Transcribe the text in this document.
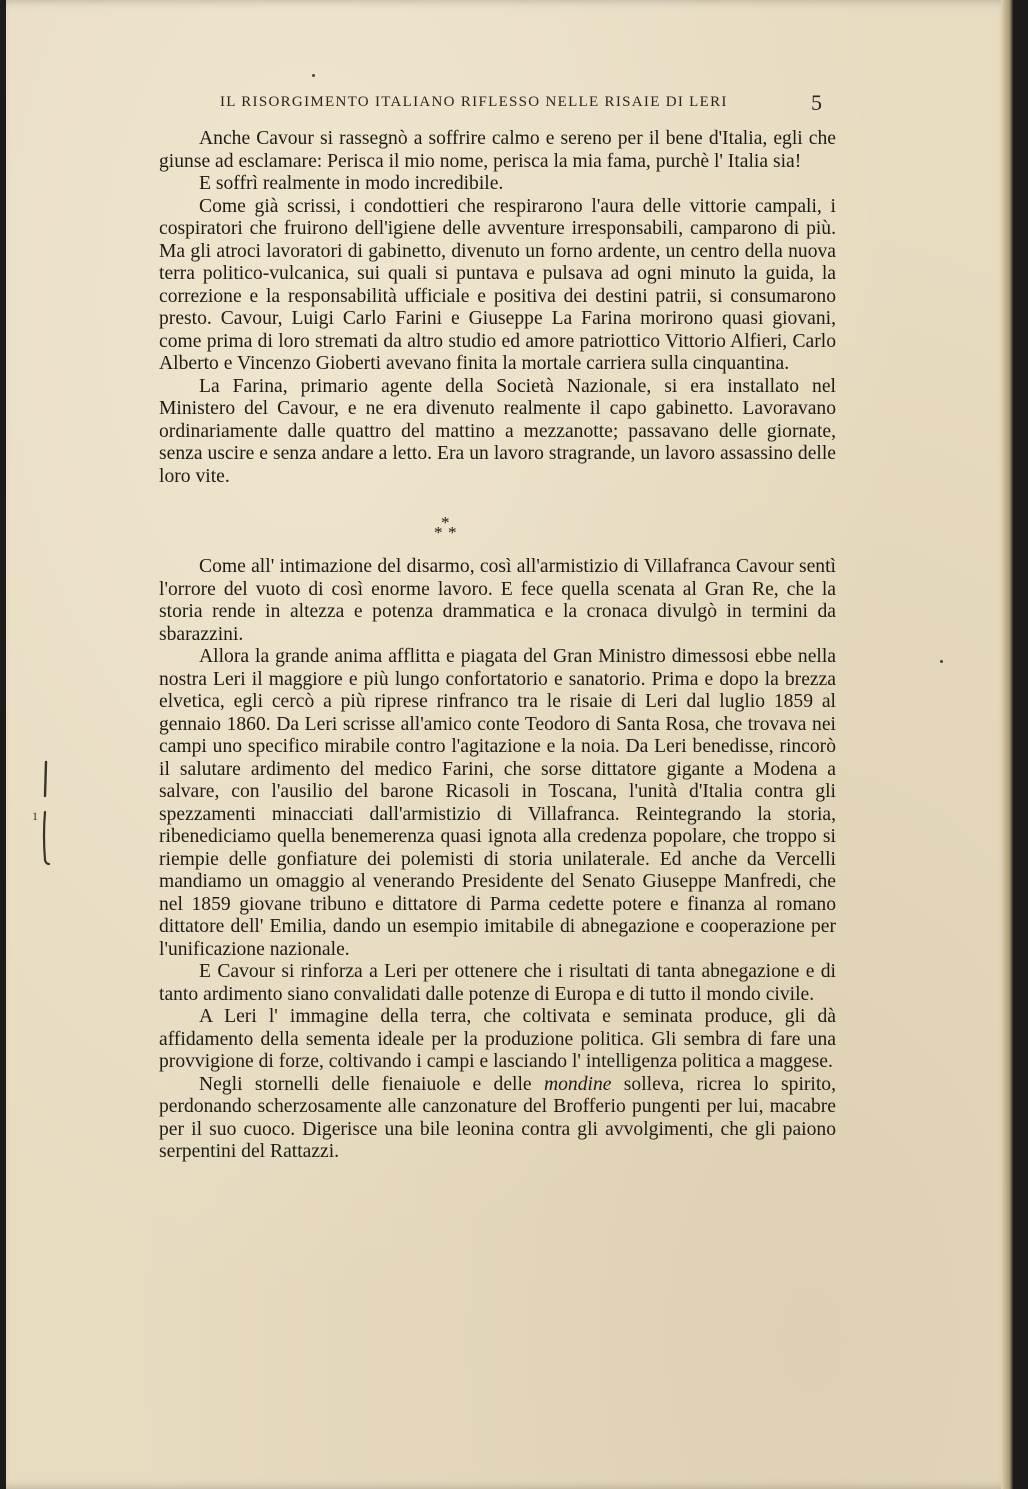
IL RISORGIMENTO ITALIANO RIFLESSO NELLE RISAIE DI LERI	5

Anche Cavour si rassegnò a soffrire calmo e sereno per il bene d'Italia, egli che giunse ad esclamare: Perisca il mio nome, perisca la mia fama, purchè l' Italia sia!

E soffrì realmente in modo incredibile.

Come già scrissi, i condottieri che respirarono l'aura delle vittorie campali, i cospiratori che fruirono dell'igiene delle avventure irresponsabili, camparono di più. Ma gli atroci lavoratori di gabinetto, divenuto un forno ardente, un centro della nuova terra politico-vulcanica, sui quali si puntava e pulsava ad ogni minuto la guida, la correzione e la responsabilità ufficiale e positiva dei destini patrii, si consumarono presto. Cavour, Luigi Carlo Farini e Giuseppe La Farina morirono quasi giovani, come prima di loro stremati da altro studio ed amore patriottico Vittorio Alfieri, Carlo Alberto e Vincenzo Gioberti avevano finita la mortale carriera sulla cinquantina.

La Farina, primario agente della Società Nazionale, si era installato nel Ministero del Cavour, e ne era divenuto realmente il capo gabinetto. Lavoravano ordinariamente dalle quattro del mattino a mezzanotte; passavano delle giornate, senza uscire e senza andare a letto. Era un lavoro stragrande, un lavoro assassino delle loro vite.

*
* *

Come all' intimazione del disarmo, così all'armistizio di Villafranca Cavour sentì l'orrore del vuoto di così enorme lavoro. E fece quella scenata al Gran Re, che la storia rende in altezza e potenza drammatica e la cronaca divulgò in termini da sbarazzini.

Allora la grande anima afflitta e piagata del Gran Ministro dimessosi ebbe nella nostra Leri il maggiore e più lungo confortatorio e sanatorio. Prima e dopo la brezza elvetica, egli cercò a più riprese rinfranco tra le risaie di Leri dal luglio 1859 al gennaio 1860. Da Leri scrisse all'amico conte Teodoro di Santa Rosa, che trovava nei campi uno specifico mirabile contro l'agitazione e la noia. Da Leri benedisse, rincorò il salutare ardimento del medico Farini, che sorse dittatore gigante a Modena a salvare, con l'ausilio del barone Ricasoli in Toscana, l'unità d'Italia contra gli spezzamenti minacciati dall'armistizio di Villafranca. Reintegrando la storia, ribenediciamo quella benemerenza quasi ignota alla credenza popolare, che troppo si riempie delle gonfiature dei polemisti di storia unilaterale. Ed anche da Vercelli mandiamo un omaggio al venerando Presidente del Senato Giuseppe Manfredi, che nel 1859 giovane tribuno e dittatore di Parma cedette potere e finanza al romano dittatore dell' Emilia, dando un esempio imitabile di abnegazione e cooperazione per l'unificazione nazionale.

E Cavour si rinforza a Leri per ottenere che i risultati di tanta abnegazione e di tanto ardimento siano convalidati dalle potenze di Europa e di tutto il mondo civile.

A Leri l' immagine della terra, che coltivata e seminata produce, gli dà affidamento della sementa ideale per la produzione politica. Gli sembra di fare una provvigione di forze, coltivando i campi e lasciando l' intelligenza politica a maggese.

Negli stornelli delle fienaiuole e delle mondine solleva, ricrea lo spirito, perdonando scherzosamente alle canzonature del Brofferio pungenti per lui, macabre per il suo cuoco. Digerisce una bile leonina contra gli avvolgimenti, che gli paiono serpentini del Rattazzi.

1
